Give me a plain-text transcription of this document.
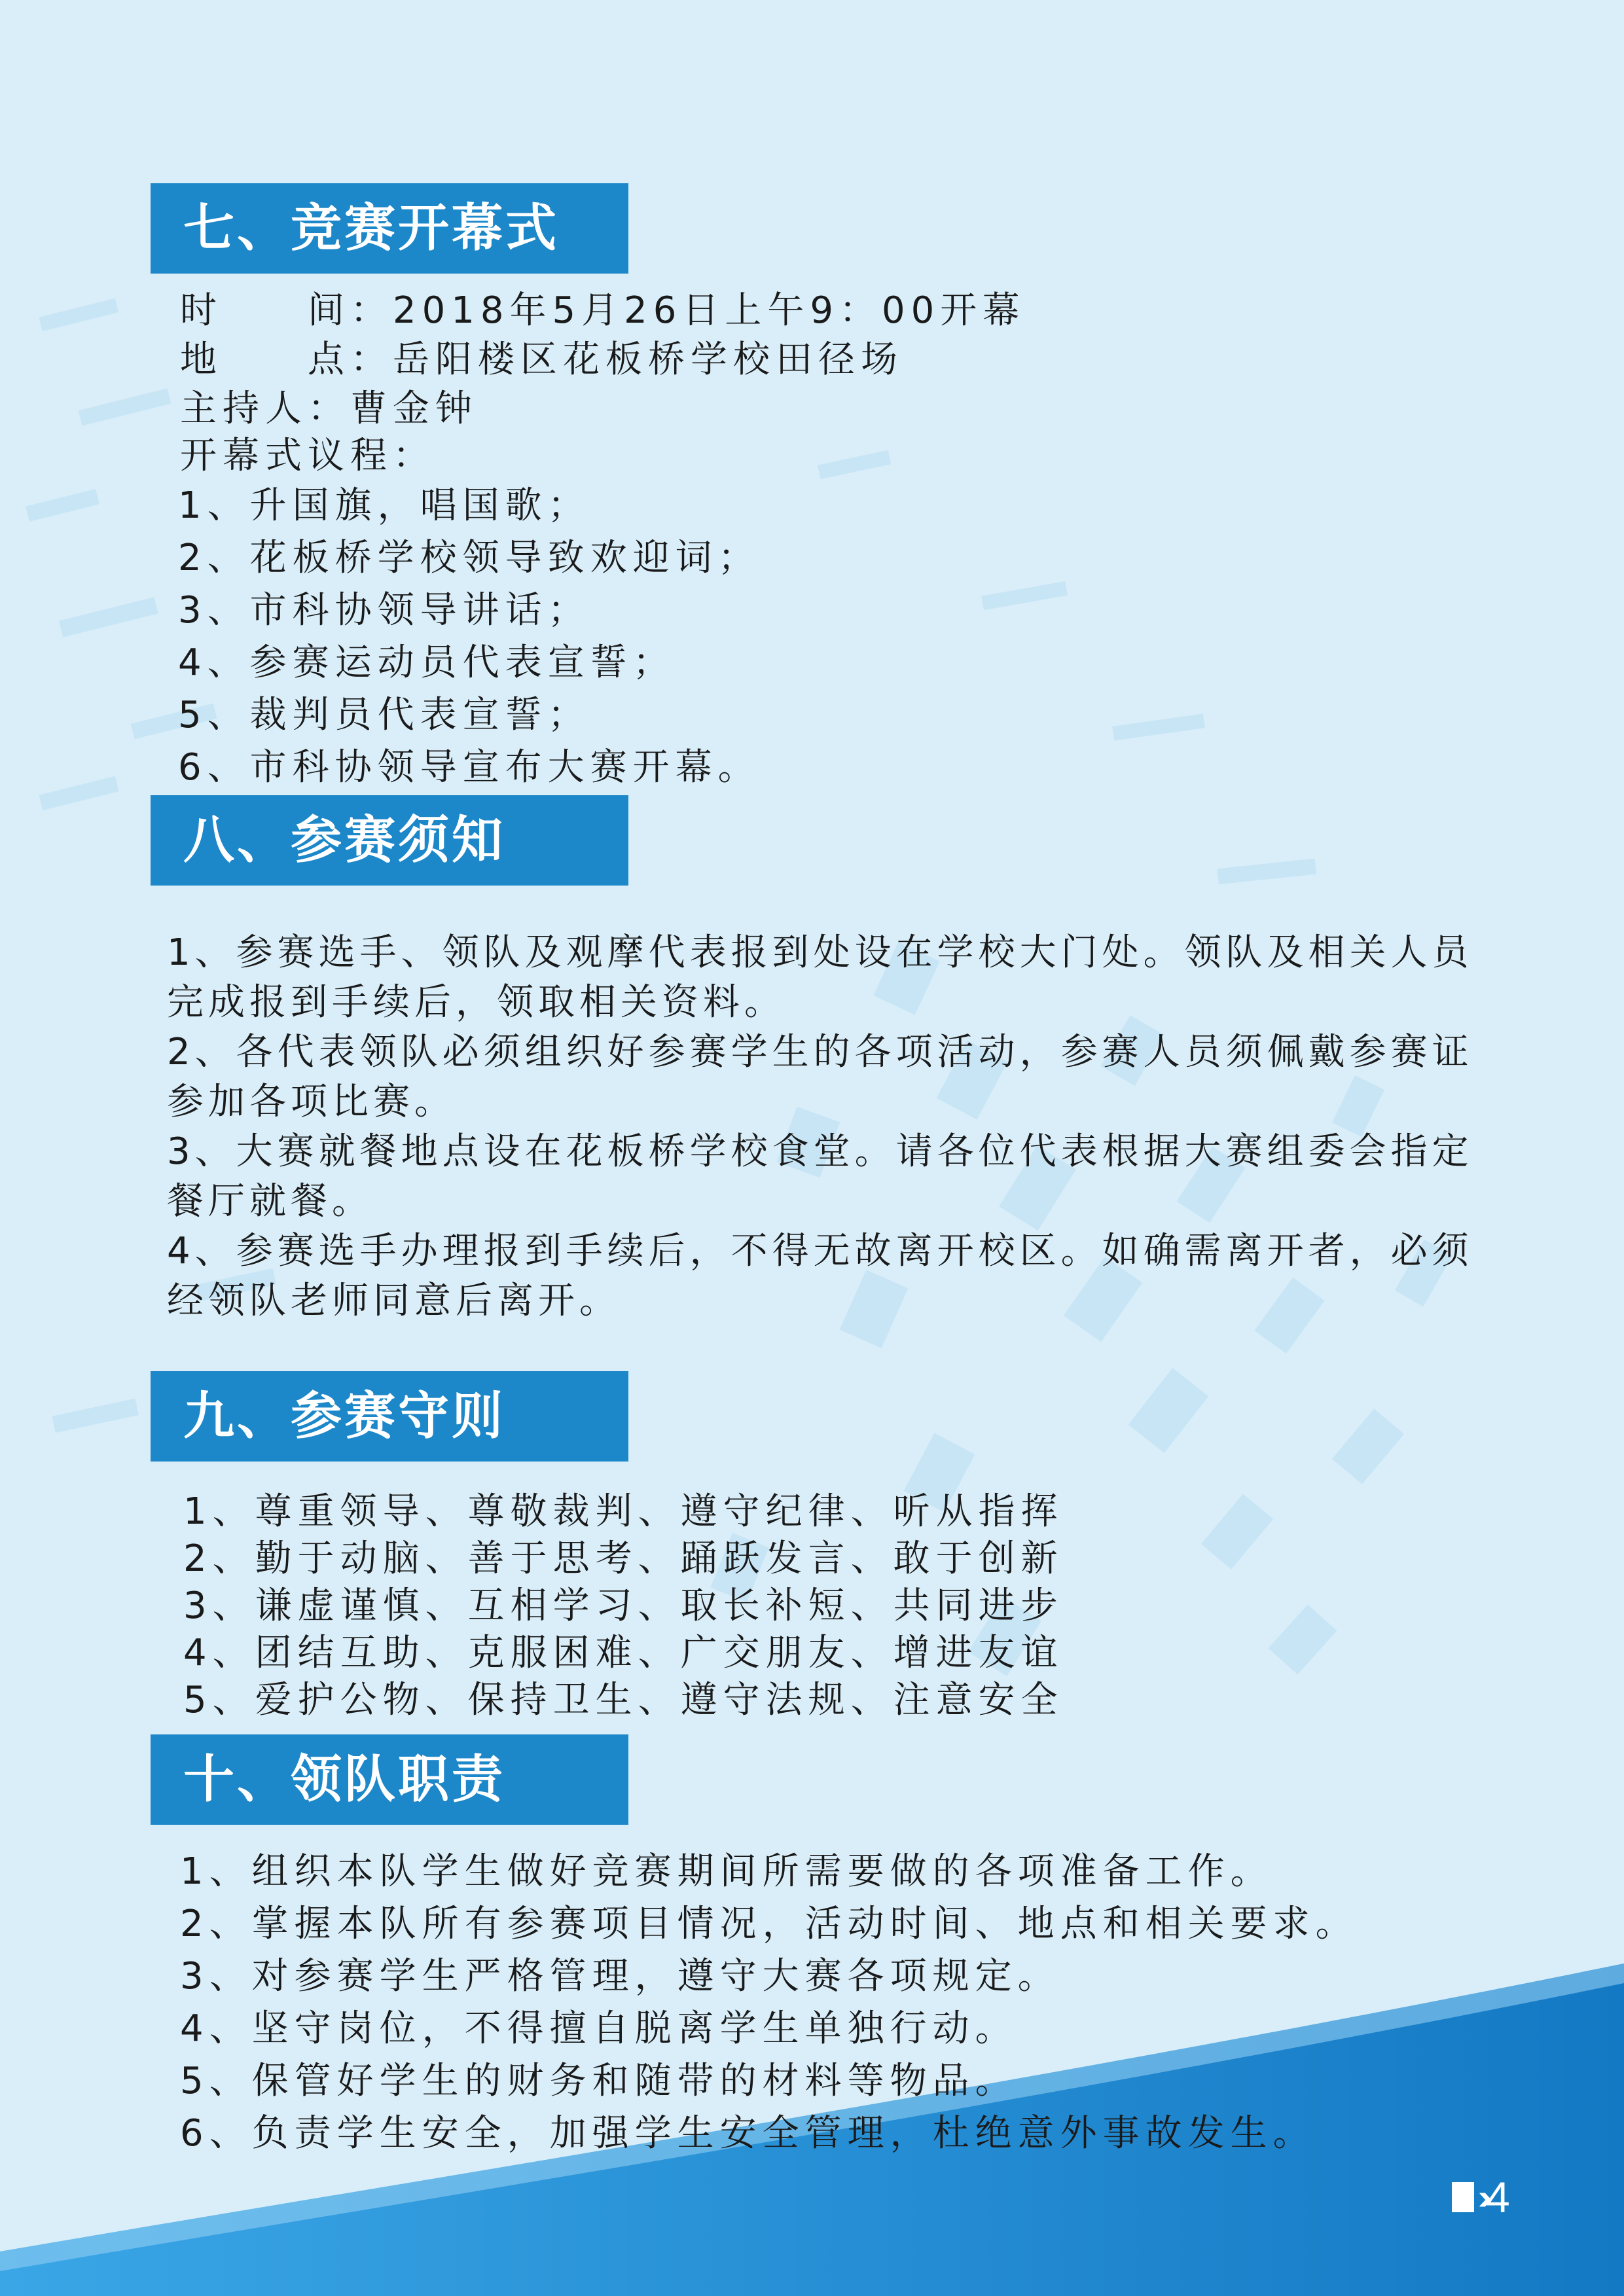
七、竞赛开幕式
时　　间：2018年5月26日上午9：00开幕
地　　点：岳阳楼区花板桥学校田径场
主持人：曹金钟
开幕式议程：
1、升国旗，唱国歌；
2、花板桥学校领导致欢迎词；
3、市科协领导讲话；
4、参赛运动员代表宣誓；
5、裁判员代表宣誓；
6、市科协领导宣布大赛开幕。
八、参赛须知
1、参赛选手、领队及观摩代表报到处设在学校大门处。领队及相关人员完成报到手续后，领取相关资料。
2、各代表领队必须组织好参赛学生的各项活动，参赛人员须佩戴参赛证参加各项比赛。
3、大赛就餐地点设在花板桥学校食堂。请各位代表根据大赛组委会指定餐厅就餐。
4、参赛选手办理报到手续后，不得无故离开校区。如确需离开者，必须经领队老师同意后离开。
九、参赛守则
1、尊重领导、尊敬裁判、遵守纪律、听从指挥
2、勤于动脑、善于思考、踊跃发言、敢于创新
3、谦虚谨慎、互相学习、取长补短、共同进步
4、团结互助、克服困难、广交朋友、增进友谊
5、爱护公物、保持卫生、遵守法规、注意安全
十、领队职责
1、组织本队学生做好竞赛期间所需要做的各项准备工作。
2、掌握本队所有参赛项目情况，活动时间、地点和相关要求。
3、对参赛学生严格管理，遵守大赛各项规定。
4、坚守岗位，不得擅自脱离学生单独行动。
5、保管好学生的财务和随带的材料等物品。
6、负责学生安全，加强学生安全管理，杜绝意外事故发生。
›› 4
